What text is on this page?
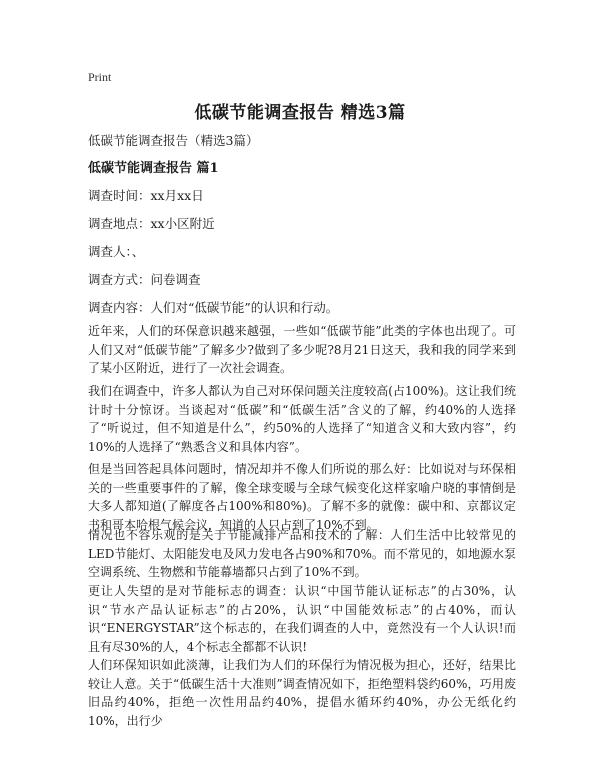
Print
低碳节能调查报告 精选3篇
低碳节能调查报告（精选3篇）
低碳节能调查报告 篇1
调查时间：xx月xx日
调查地点：xx小区附近
调查人：、
调查方式：问卷调查
调查内容：人们对“低碳节能”的认识和行动。
近年来，人们的环保意识越来越强，一些如“低碳节能”此类的字体也出现了。可人们又对“低碳节能”了解多少?做到了多少呢?8月21日这天，我和我的同学来到了某小区附近，进行了一次社会调查。
我们在调查中，许多人都认为自己对环保问题关注度较高(占100%)。这让我们统计时十分惊讶。当谈起对“低碳”和“低碳生活”含义的了解，约40%的人选择了“听说过，但不知道是什么”，约50%的人选择了“知道含义和大致内容”，约10%的人选择了“熟悉含义和具体内容”。
但是当回答起具体问题时，情况却并不像人们所说的那么好：比如说对与环保相关的一些重要事件的了解，像全球变暖与全球气候变化这样家喻户晓的事情倒是大多人都知道(了解度各占100%和80%)。了解不多的就像：碳中和、京都议定书和哥本哈根气候会议，知道的人只占到了10%不到。
情况也不容乐观的是关于节能减排产品和技术的了解：人们生活中比较常见的LED节能灯、太阳能发电及风力发电各占90%和70%。而不常见的，如地源水泵空调系统、生物燃和节能幕墙都只占到了10%不到。
更让人失望的是对节能标志的调查：认识“中国节能认证标志”的占30%，认识“节水产品认证标志”的占20%，认识“中国能效标志”的占40%，而认识“ENERGYSTAR”这个标志的，在我们调查的人中，竟然没有一个人认识!而且有尽30%的人，4个标志全都都不认识!
人们环保知识如此淡薄，让我们为人们的环保行为情况极为担心，还好，结果比较让人意。关于“低碳生活十大准则”调查情况如下，拒绝塑料袋约60%，巧用废旧品约40%，拒绝一次性用品约40%，提倡水循环约40%，办公无纸化约10%，出行少
